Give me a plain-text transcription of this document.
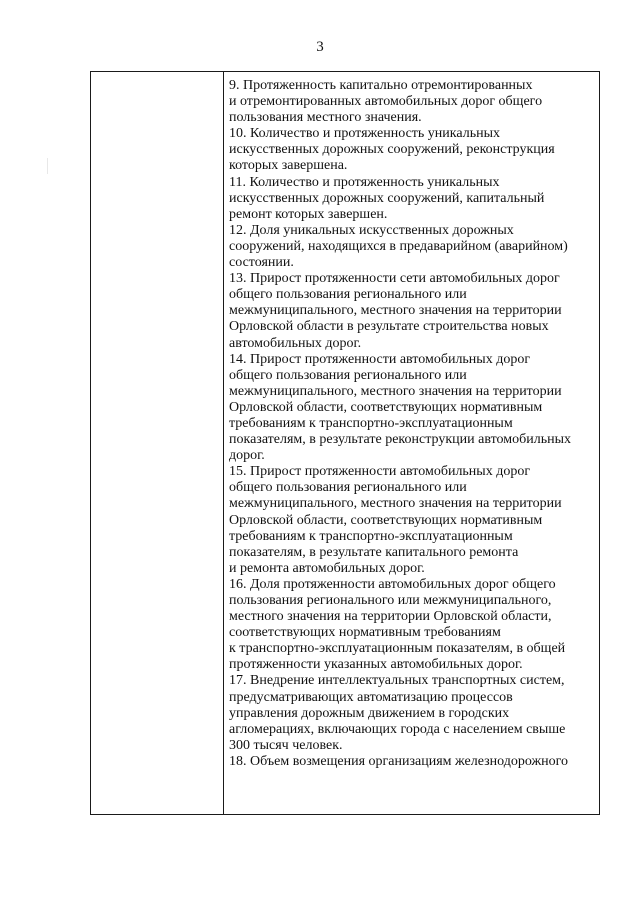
3

9. Протяженность капитально отремонтированных
и отремонтированных автомобильных дорог общего
пользования местного значения.

10. Количество и протяженность уникальных
искусственных дорожных сооружений, реконструкция
которых завершена.

11. Количество и протяженность уникальных
искусственных дорожных сооружений, капитальный
ремонт которых завершен.

12. Доля уникальных искусственных дорожных
сооружений, находящихся в предаварийном (аварийном)
состоянии.

13. Прирост протяженности сети автомобильных дорог
общего пользования регионального или
межмуниципального, местного значения на территории
Орловской области в результате строительства новых
автомобильных дорог.

14. Прирост протяженности автомобильных дорог
общего пользования регионального или
межмуниципального, местного значения на территории
Орловской области, соответствующих нормативным
требованиям к транспортно-эксплуатационным
показателям, в результате реконструкции автомобильных
дорог.

15. Прирост протяженности автомобильных дорог
общего пользования регионального или
межмуниципального, местного значения на территории
Орловской области, соответствующих нормативным
требованиям к транспортно-эксплуатационным
показателям, в результате капитального ремонта
и ремонта автомобильных дорог.

16. Доля протяженности автомобильных дорог общего
пользования регионального или межмуниципального,
местного значения на территории Орловской области,
соответствующих нормативным требованиям
к транспортно-эксплуатационным показателям, в общей
протяженности указанных автомобильных дорог.

17. Внедрение интеллектуальных транспортных систем,
предусматривающих автоматизацию процессов
управления дорожным движением в городских
агломерациях, включающих города с населением свыше
300 тысяч человек.

18. Объем возмещения организациям железнодорожного
